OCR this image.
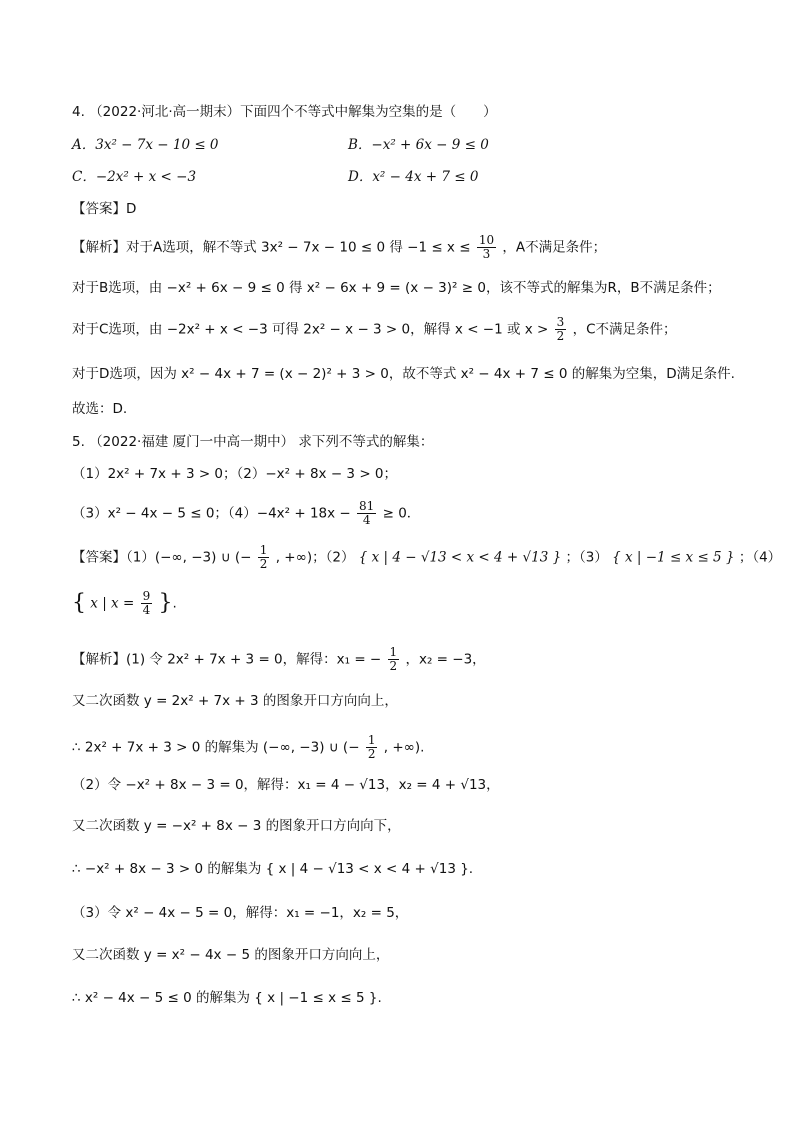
4. （2022·河北·高一期末）下面四个不等式中解集为空集的是（　　）
A．3x² − 7x − 10 ≤ 0	B．−x² + 6x − 9 ≤ 0
C．−2x² + x < −3	D．x² − 4x + 7 ≤ 0
【答案】D
【解析】对于A选项，解不等式 3x² − 7x − 10 ≤ 0 得 $-1 \le x \le \frac{10}{3}$ ，A不满足条件；
对于B选项，由 −x² + 6x − 9 ≤ 0 得 x² − 6x + 9 = (x − 3)² ≥ 0，该不等式的解集为R，B不满足条件；
对于C选项，由 −2x² + x < −3 可得 2x² − x − 3 > 0，解得 x < −1 或 $x > \frac{3}{2}$ ，C不满足条件；
对于D选项，因为 x² − 4x + 7 = (x − 2)² + 3 > 0，故不等式 x² − 4x + 7 ≤ 0 的解集为空集，D满足条件.
故选：D.
5. （2022·福建 厦门一中高一期中） 求下列不等式的解集：
（1）2x² + 7x + 3 > 0；（2）−x² + 8x − 3 > 0；
（3）x² − 4x − 5 ≤ 0；$(4)-4x^2 + 18x - \frac{81}{4} \ge 0$．
【答案】（1）(−∞, −3) ∪ (− $\frac{1}{2}$ , +∞)；（2） { x | 4 − √13 < x < 4 + √13 } ；（3） { x | −1 ≤ x ≤ 5 } ；（4）
{ x | $x = \frac{9}{4}$ }.
【解析】(1) 令 2x² + 7x + 3 = 0，解得：x₁ = − $\frac{1}{2}$ ，x₂ = −3，
又二次函数 y = 2x² + 7x + 3 的图象开口方向向上，
∴ 2x² + 7x + 3 > 0 的解集为 (−∞, −3) ∪ (− $\frac{1}{2}$ , +∞).
（2）令 −x² + 8x − 3 = 0，解得：x₁ = 4 − √13，x₂ = 4 + √13，
又二次函数 y = −x² + 8x − 3 的图象开口方向向下，
∴ −x² + 8x − 3 > 0 的解集为 { x | 4 − √13 < x < 4 + √13 }.
（3）令 x² − 4x − 5 = 0，解得：x₁ = −1，x₂ = 5，
又二次函数 y = x² − 4x − 5 的图象开口方向向上，
∴ x² − 4x − 5 ≤ 0 的解集为 { x | −1 ≤ x ≤ 5 }.
